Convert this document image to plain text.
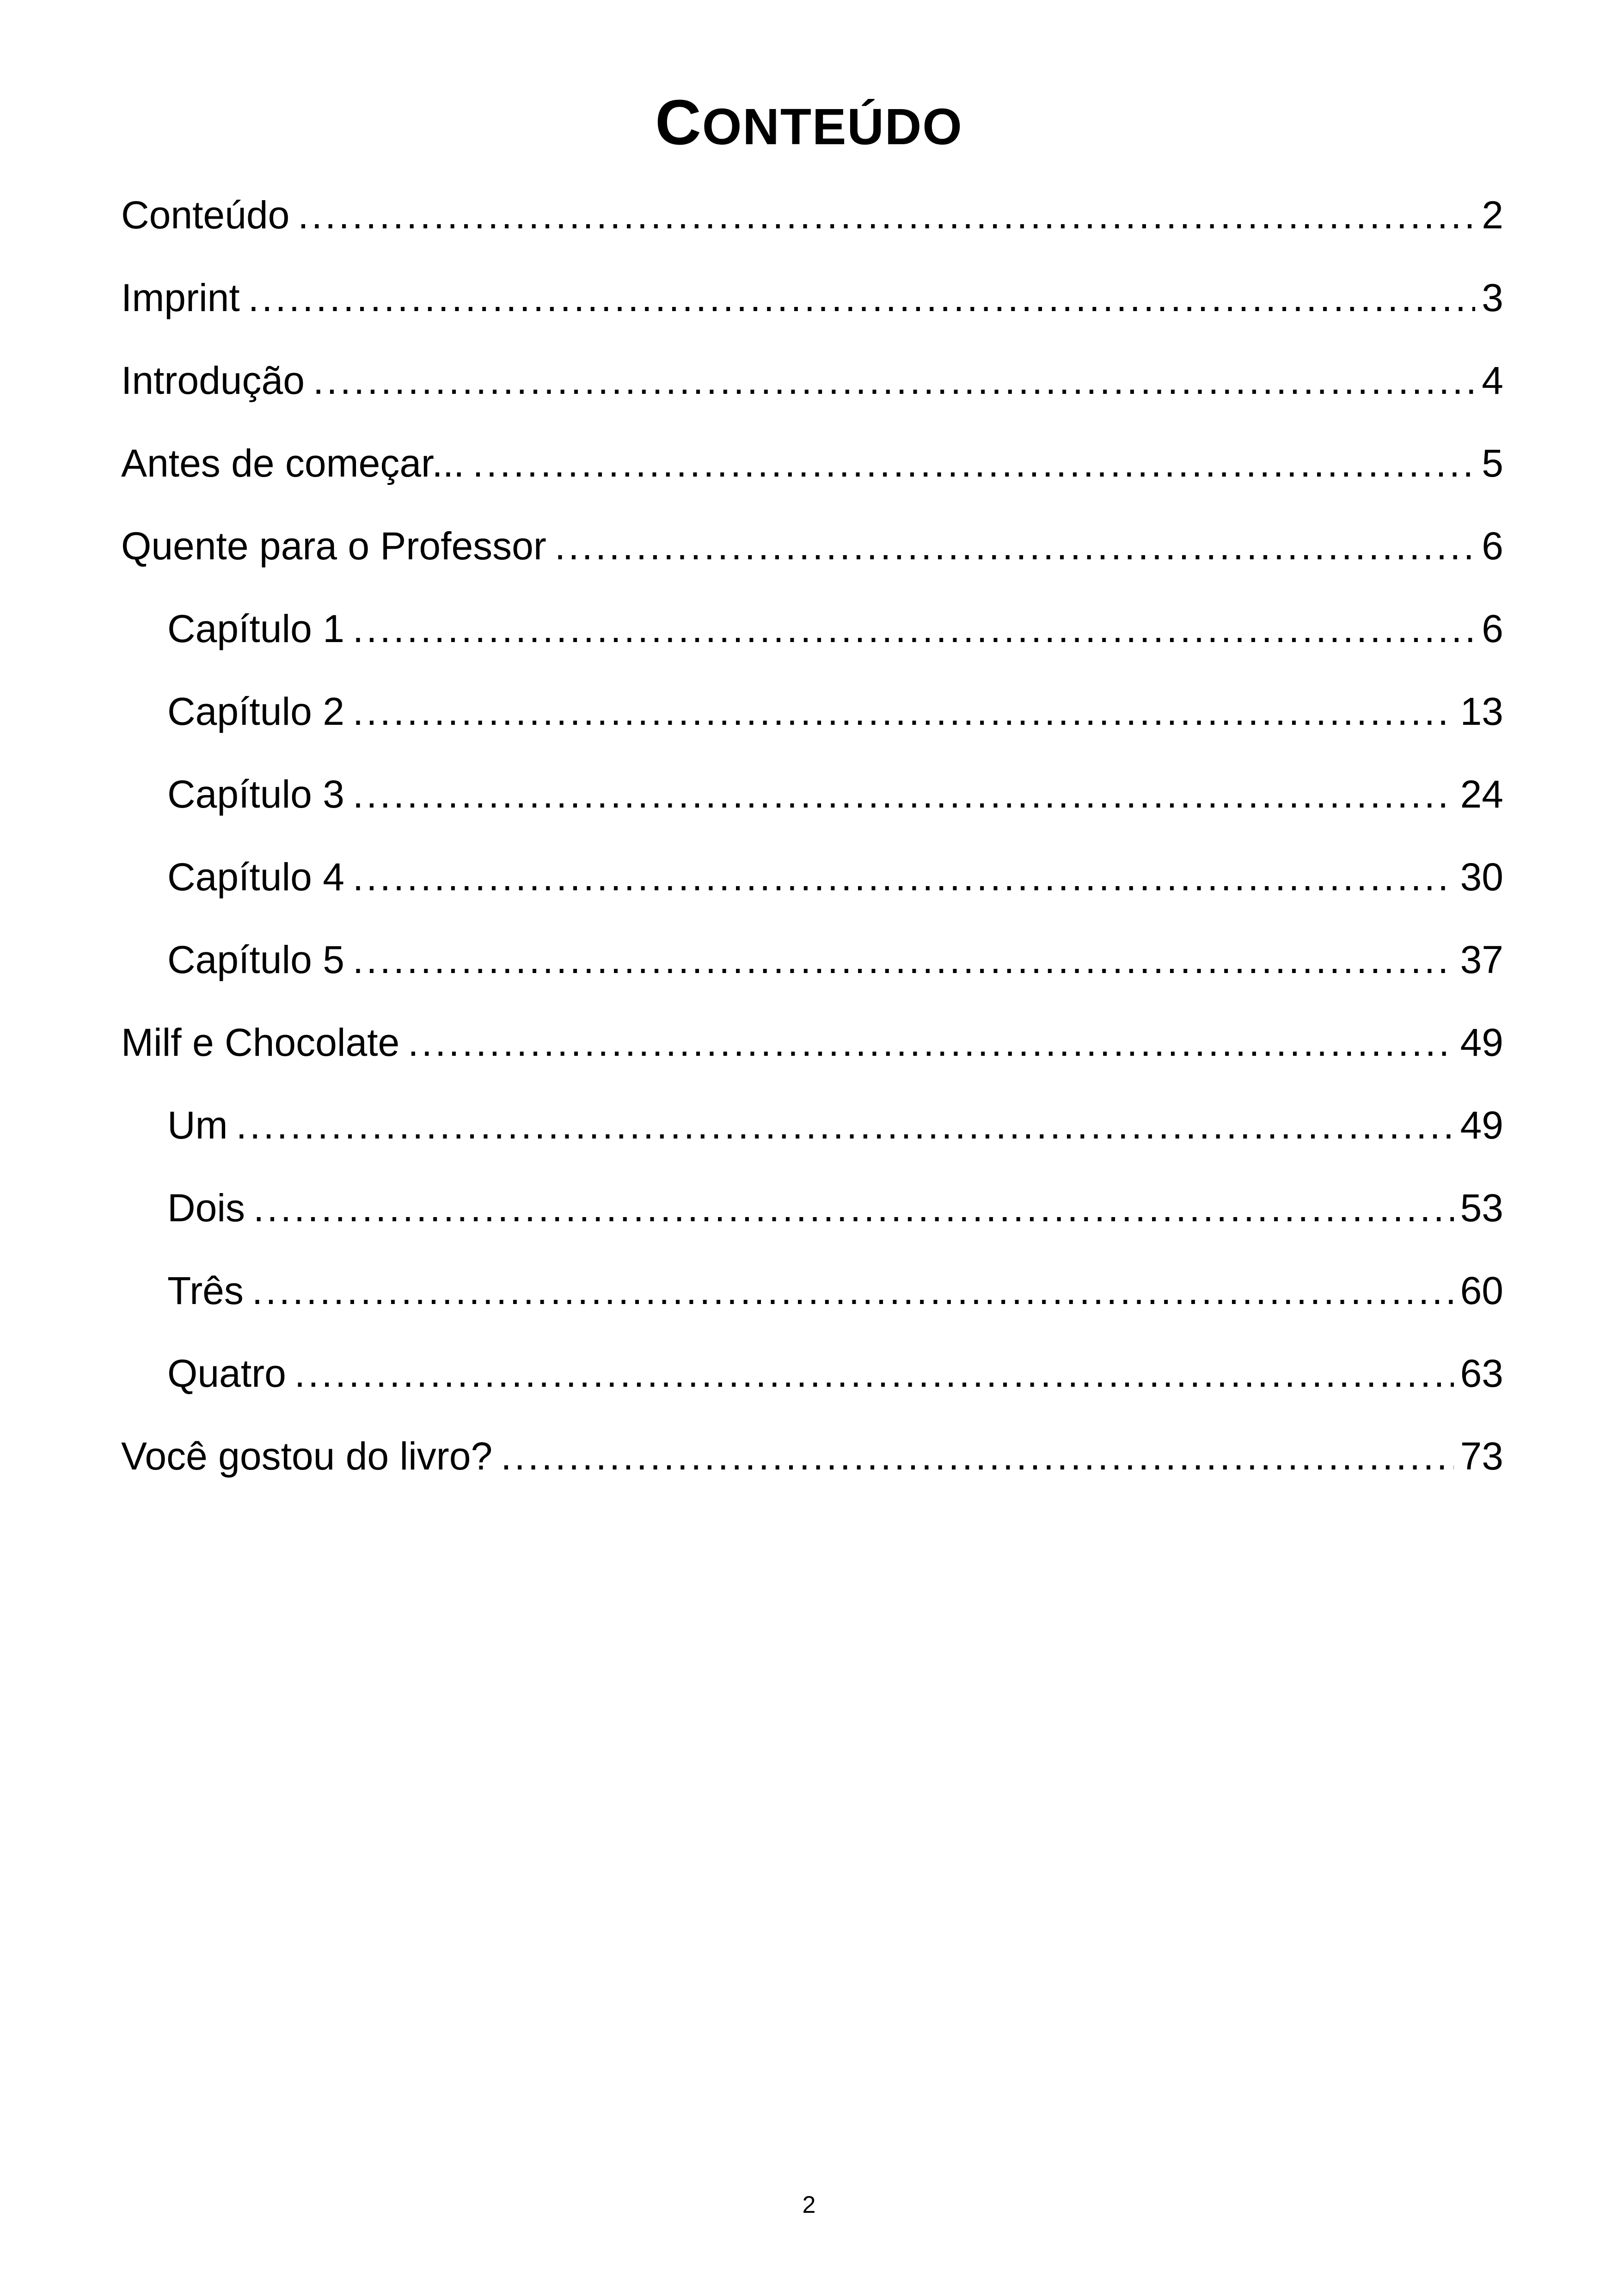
CONTEÚDO
Conteúdo .....	2
Imprint .....	3
Introdução .....	4
Antes de começar... .....	5
Quente para o Professor .....	6
Capítulo 1 .....	6
Capítulo 2 .....	13
Capítulo 3 .....	24
Capítulo 4 .....	30
Capítulo 5 .....	37
Milf e Chocolate .....	49
Um .....	49
Dois .....	53
Três .....	60
Quatro .....	63
Você gostou do livro? .....	73
2
